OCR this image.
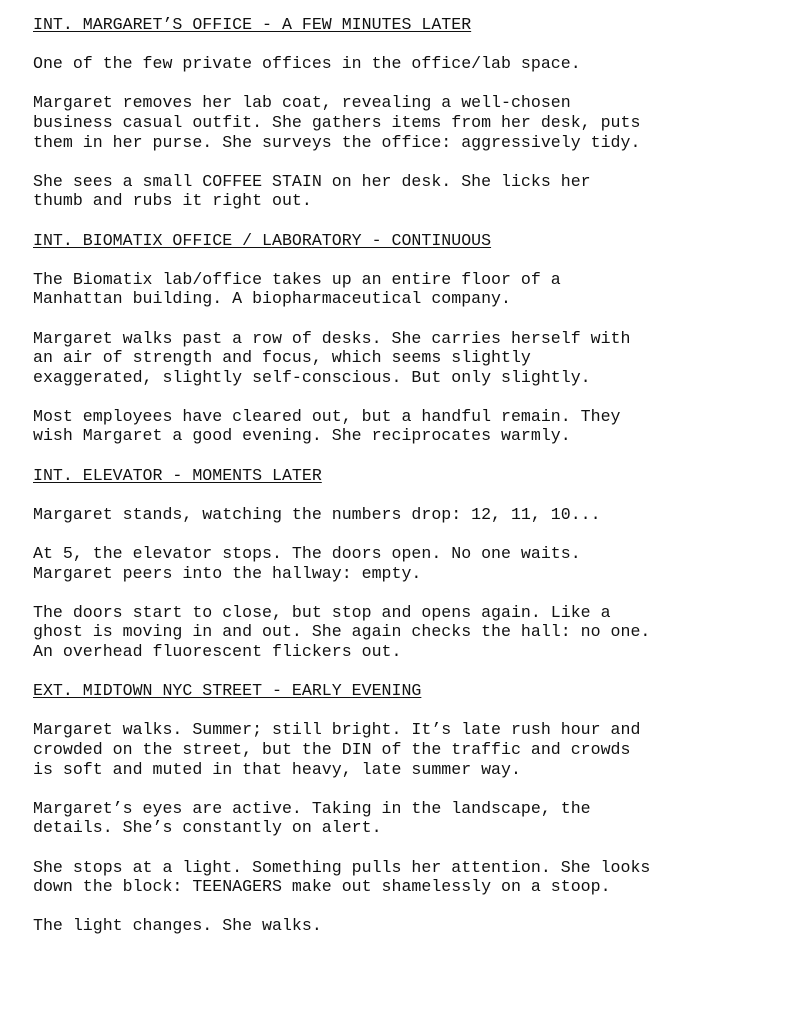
INT. MARGARET’S OFFICE - A FEW MINUTES LATER
One of the few private offices in the office/lab space.
Margaret removes her lab coat, revealing a well-chosen
business casual outfit. She gathers items from her desk, puts
them in her purse. She surveys the office: aggressively tidy.
She sees a small COFFEE STAIN on her desk. She licks her
thumb and rubs it right out.
INT. BIOMATIX OFFICE / LABORATORY - CONTINUOUS
The Biomatix lab/office takes up an entire floor of a
Manhattan building. A biopharmaceutical company.
Margaret walks past a row of desks. She carries herself with
an air of strength and focus, which seems slightly
exaggerated, slightly self-conscious. But only slightly.
Most employees have cleared out, but a handful remain. They
wish Margaret a good evening. She reciprocates warmly.
INT. ELEVATOR - MOMENTS LATER
Margaret stands, watching the numbers drop: 12, 11, 10...
At 5, the elevator stops. The doors open. No one waits.
Margaret peers into the hallway: empty.
The doors start to close, but stop and opens again. Like a
ghost is moving in and out. She again checks the hall: no one.
An overhead fluorescent flickers out.
EXT. MIDTOWN NYC STREET - EARLY EVENING
Margaret walks. Summer; still bright. It’s late rush hour and
crowded on the street, but the DIN of the traffic and crowds
is soft and muted in that heavy, late summer way.
Margaret’s eyes are active. Taking in the landscape, the
details. She’s constantly on alert.
She stops at a light. Something pulls her attention. She looks
down the block: TEENAGERS make out shamelessly on a stoop.
The light changes. She walks.
